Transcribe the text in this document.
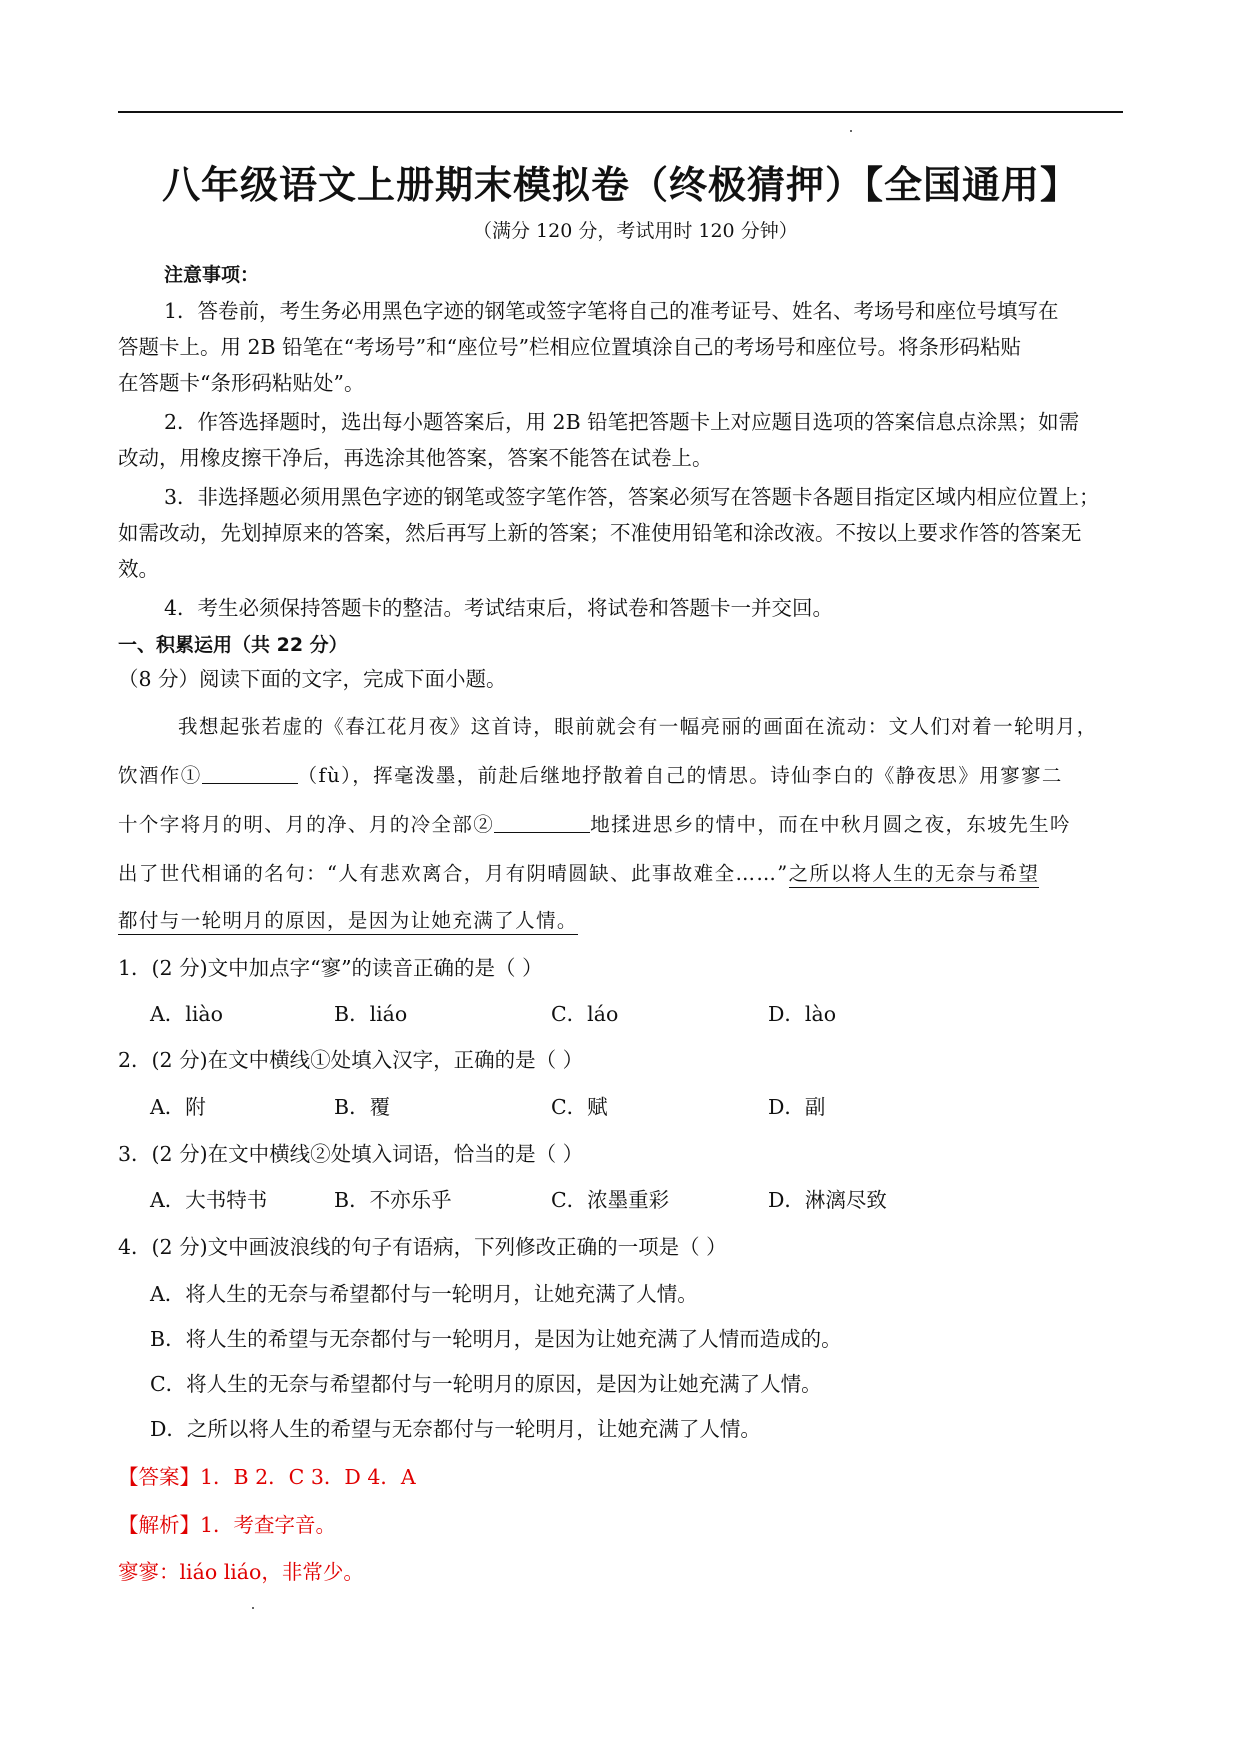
八年级语文上册期末模拟卷（终极猜押）【全国通用】
（满分 120 分，考试用时 120 分钟）
注意事项：
1．答卷前，考生务必用黑色字迹的钢笔或签字笔将自己的准考证号、姓名、考场号和座位号填写在
答题卡上。用 2B 铅笔在“考场号”和“座位号”栏相应位置填涂自己的考场号和座位号。将条形码粘贴
在答题卡“条形码粘贴处”。
2．作答选择题时，选出每小题答案后，用 2B 铅笔把答题卡上对应题目选项的答案信息点涂黑；如需
改动，用橡皮擦干净后，再选涂其他答案，答案不能答在试卷上。
3．非选择题必须用黑色字迹的钢笔或签字笔作答，答案必须写在答题卡各题目指定区域内相应位置上；
如需改动，先划掉原来的答案，然后再写上新的答案；不准使用铅笔和涂改液。不按以上要求作答的答案无
效。
4．考生必须保持答题卡的整洁。考试结束后，将试卷和答题卡一并交回。
一、积累运用（共 22 分）
（8 分）阅读下面的文字，完成下面小题。
我想起张若虚的《春江花月夜》这首诗，眼前就会有一幅亮丽的画面在流动：文人们对着一轮明月，
饮酒作①	（fù），挥毫泼墨，前赴后继地抒散着自己的情思。诗仙李白的《静夜思》用寥寥二
十个字将月的明、月的净、月的冷全部②	地揉进思乡的情中，而在中秋月圆之夜，东坡先生吟
出了世代相诵的名句：“人有悲欢离合，月有阴晴圆缺、此事故难全……”之所以将人生的无奈与希望
都付与一轮明月的原因，是因为让她充满了人情。
1．(2 分)文中加点字“寥”的读音正确的是（ ）
A．liào	B．liáo	C．láo	D．lào
2．(2 分)在文中横线①处填入汉字，正确的是（ ）
A．附	B．覆	C．赋	D．副
3．(2 分)在文中横线②处填入词语，恰当的是（ ）
A．大书特书	B．不亦乐乎	C．浓墨重彩	D．淋漓尽致
4．(2 分)文中画波浪线的句子有语病，下列修改正确的一项是（ ）
A．将人生的无奈与希望都付与一轮明月，让她充满了人情。
B．将人生的希望与无奈都付与一轮明月，是因为让她充满了人情而造成的。
C．将人生的无奈与希望都付与一轮明月的原因，是因为让她充满了人情。
D．之所以将人生的希望与无奈都付与一轮明月，让她充满了人情。
【答案】1．B 2．C 3．D 4．A
【解析】1．考查字音。
寥寥：liáo liáo，非常少。
